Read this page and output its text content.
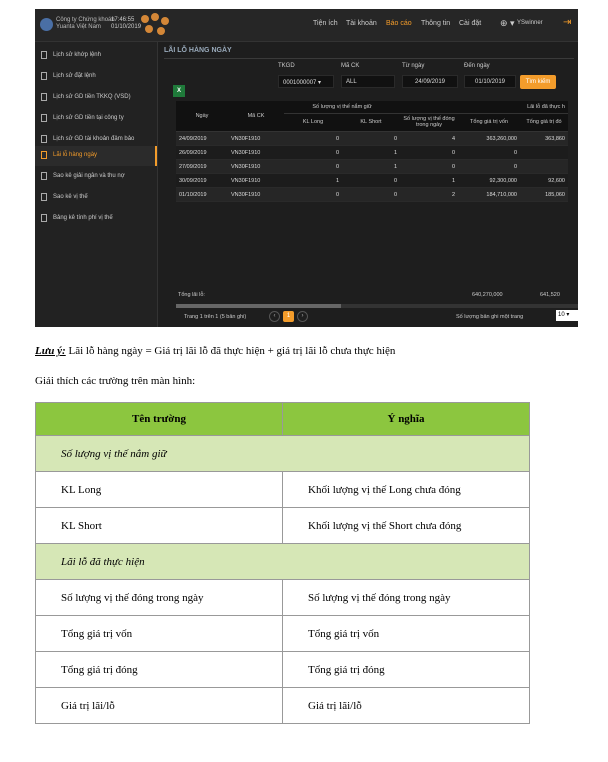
Công ty Chứng khoán
Yuanta Việt Nam
17:46:55
01/10/2019	Tiện ích Tài khoản Báo cáo Thông tin Cài đặt ⊕ ▾ YSwinner ⇥
Lịch sử khớp lệnh
Lịch sử đặt lệnh
Lịch sử GD tiền TKKQ (VSD)
Lịch sử GD tiền tại công ty
Lịch sử GD tài khoản đảm bảo
Lãi lỗ hàng ngày
Sao kê giải ngân và thu nợ
Sao kê vị thế
Bảng kê tính phí vị thế
LÃI LỖ HÀNG NGÀY
TKGD
0001000007 ▾
Mã CK
ALL
Từ ngày
24/09/2019
Đến ngày
01/10/2019	Tìm kiếm
X
Ngày	Mã CK	Số lượng vị thế nắm giữ		Lãi lỗ đã thực h		
		KL Long	KL Short	Số lượng vị thế đóng trong ngày	Tổng giá trị vốn	Tổng giá trị đó
24/09/2019	VN30F1910	0	0	4	363,260,000	363,860
26/09/2019	VN30F1910	0	1	0	0	
27/09/2019	VN30F1910	0	1	0	0	
30/09/2019	VN30F1910	1	0	1	92,300,000	92,600
01/10/2019	VN30F1910	0	0	2	184,710,000	185,060
Tổng lãi lỗ:	640,270,000	641,520
Trang 1 trên 1 (5 bản ghi)	‹	1	›	Số lượng bản ghi một trang	10 ▾
Lưu ý: Lãi lỗ hàng ngày = Giá trị lãi lỗ đã thực hiện + giá trị lãi lỗ chưa thực hiện
Giải thích các trường trên màn hình:
Tên trường	Ý nghĩa
Số lượng vị thế nắm giữ	
KL Long	Khối lượng vị thế Long chưa đóng
KL Short	Khối lượng vị thế Short chưa đóng
Lãi lỗ đã thực hiện	
Số lượng vị thế đóng trong ngày	Số lượng vị thế đóng trong ngày
Tổng giá trị vốn	Tổng giá trị vốn
Tổng giá trị đóng	Tổng giá trị đóng
Giá trị lãi/lỗ	Giá trị lãi/lỗ
